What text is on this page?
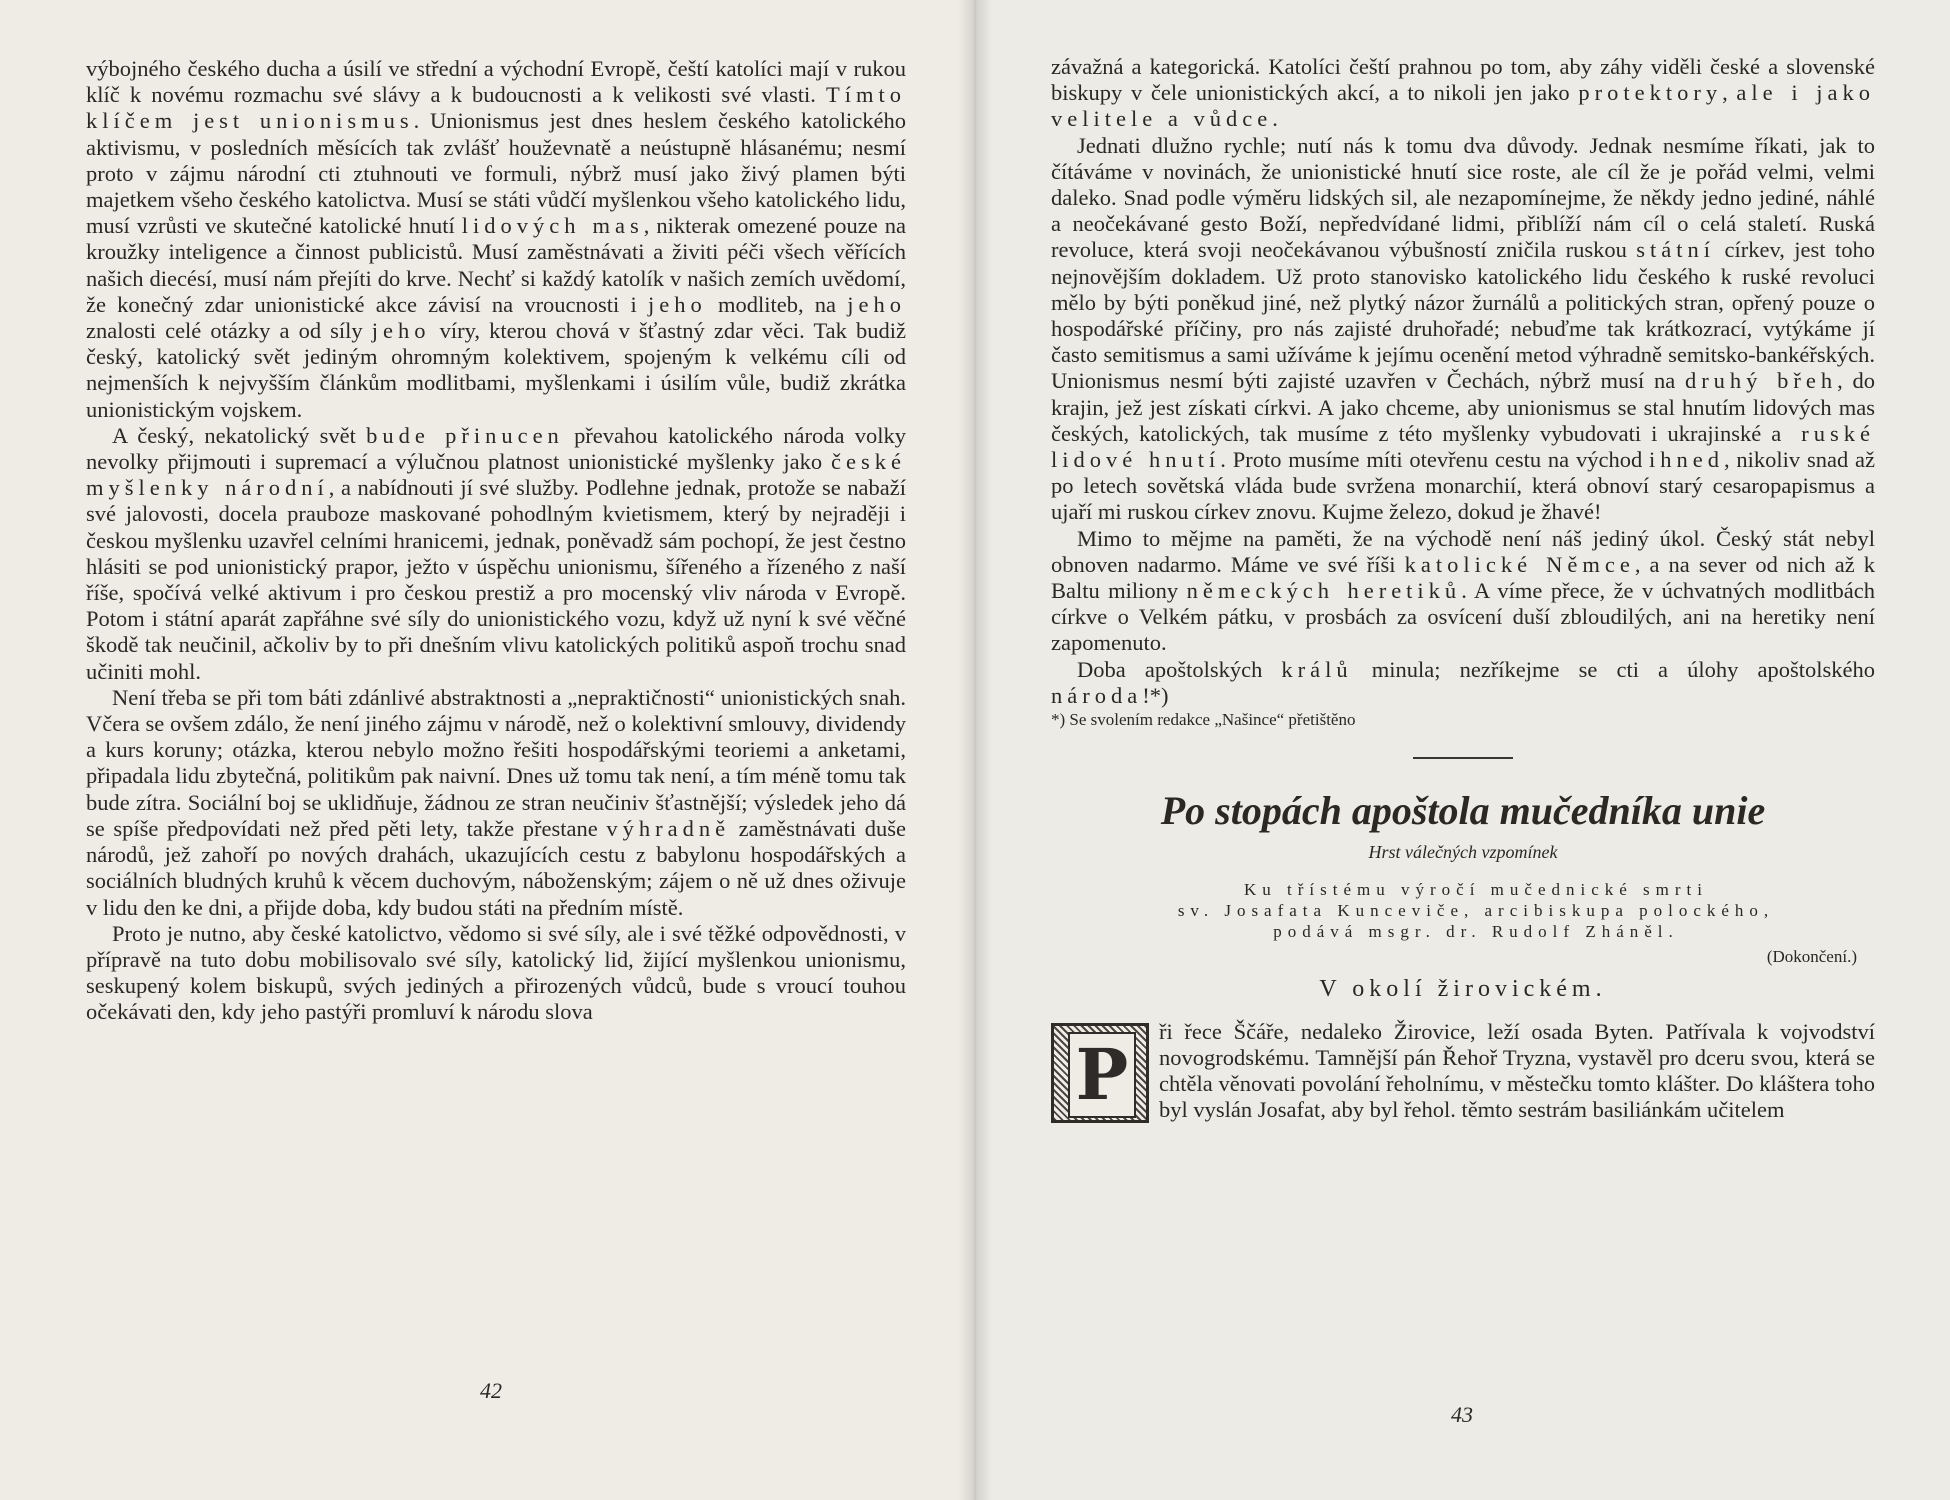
výbojného českého ducha a úsilí ve střední a východní Evropě, čeští katolíci mají v rukou klíč k novému rozmachu své slávy a k budoucnosti a k velikosti své vlasti. Tímto klíčem jest unionismus. Unionismus jest dnes heslem českého katolického aktivismu, v posledních měsících tak zvlášť houževnatě a neústupně hlásanému; nesmí proto v zájmu národní cti ztuhnouti ve formuli, nýbrž musí jako živý plamen býti majetkem všeho českého katolictva. Musí se státi vůdčí myšlenkou všeho katolického lidu, musí vzrůsti ve skutečné katolické hnutí lidových mas, nikterak omezené pouze na kroužky inteligence a činnost publicistů. Musí zaměstnávati a živiti péči všech věřících našich diecésí, musí nám přejíti do krve. Nechť si každý katolík v našich zemích uvědomí, že konečný zdar unionistické akce závisí na vroucnosti i jeho modlitеb, na jeho znalosti celé otázky a od síly jeho víry, kterou chová v šťastný zdar věci. Tak budiž český, katolický svět jediným ohromným kolektivem, spojeným k velkému cíli od nejmenších k nejvyšším článkům modlitbami, myšlenkami i úsilím vůle, budiž zkrátka unionistickým vojskem.

A český, nekatolický svět bude přinucen převahou katolického národa volky nevolky přijmouti i supremací a výlučnou platnost unionistické myšlenky jako české myšlenky národní, a nabídnouti jí své služby. Podlehne jednak, protože se nabaží své jalovosti, docela prauboze maskované pohodlným kvietismem, který by nejraději i českou myšlenku uzavřel celními hranicemi, jednak, poněvadž sám pochopí, že jest čestno hlásiti se pod unionistický prapor, ježto v úspěchu unionismu, šířeného a řízeného z naší říše, spočívá velké aktivum i pro českou prestiž a pro mocenský vliv národa v Evropě. Potom i státní aparát zapřáhne své síly do unionistického vozu, když už nyní k své věčné škodě tak neučinil, ačkoliv by to při dnešním vlivu katolických politiků aspoň trochu snad učiniti mohl.

Není třeba se při tom báti zdánlivé abstraktnosti a „nepraktičnosti“ unionistických snah. Včera se ovšem zdálo, že není jiného zájmu v národě, než o kolektivní smlouvy, dividendy a kurs koruny; otázka, kterou nebylo možno řešiti hospodářskými teoriemi a anketami, připadala lidu zbytečná, politikům pak naivní. Dnes už tomu tak není, a tím méně tomu tak bude zítra. Sociální boj se uklidňuje, žádnou ze stran neučiniv šťastnější; výsledek jeho dá se spíše předpovídati než před pěti lety, takže přestane výhradně zaměstnávati duše národů, jež zahoří po nových drahách, ukazujících cestu z babylonu hospodářských a sociálních bludných kruhů k věcem duchovým, náboženským; zájem o ně už dnes oživuje v lidu den ke dni, a přijde doba, kdy budou státi na předním místě.

Proto je nutno, aby české katolictvo, vědomo si své síly, ale i své těžké odpovědnosti, v přípravě na tuto dobu mobilisovalo své síly, katolický lid, žijící myšlenkou unionismu, seskupený kolem biskupů, svých jediných a přirozených vůdců, bude s vroucí touhou očekávati den, kdy jeho pastýři promluví k národu slova

42

závažná a kategorická. Katolíci čeští prahnou po tom, aby záhy viděli české a slovenské biskupy v čele unionistických akcí, a to nikoli jen jako protektory, ale i jako velitele a vůdce.

Jednati dlužno rychle; nutí nás k tomu dva důvody. Jednak nesmíme říkati, jak to čítáváme v novinách, že unionistické hnutí sice roste, ale cíl že je pořád velmi, velmi daleko. Snad podle výměru lidských sil, ale nezapomínejme, že někdy jedno jediné, náhlé a neočekávané gesto Boží, nepředvídané lidmi, přiblíží nám cíl o celá staletí. Ruská revoluce, která svoji neočekávanou výbušností zničila ruskou státní církev, jest toho nejnovějším dokladem. Už proto stanovisko katolického lidu českého k ruské revoluci mělo by býti poněkud jiné, než plytký názor žurnálů a politických stran, opřený pouze o hospodářské příčiny, pro nás zajisté druhořadé; nebuďme tak krátkozrací, vytýkáme jí často semitismus a sami užíváme k jejímu ocenění metod výhradně semitsko-bankéřských. Unionismus nesmí býti zajisté uzavřen v Čechách, nýbrž musí na druhý břeh, do krajin, jež jest získati církvi. A jako chceme, aby unionismus se stal hnutím lidových mas českých, katolických, tak musíme z této myšlenky vybudovati i ukrajinské a ruské lidové hnutí. Proto musíme míti otevřenu cestu na východ ihned, nikoliv snad až po letech sovětská vláda bude svržena monarchií, která obnoví starý cesaropapismus a ujaří mi ruskou církev znovu. Kujme železo, dokud je žhavé!

Mimo to mějme na paměti, že na východě není náš jediný úkol. Český stát nebyl obnoven nadarmo. Máme ve své říši katolické Němce, a na sever od nich až k Baltu miliony německých heretiků. A víme přece, že v úchvatných modlitbách církve o Velkém pátku, v prosbách za osvícení duší zbloudilých, ani na heretiky není zapomenuto.

Doba apoštolských králů minula; nezříkejme se cti a úlohy apoštolského národa!*)

*) Se svolením redakce „Našince“ přetištěno

Po stopách apoštola mučedníka unie
Hrst válečných vzpomínek

Ku třístému výročí mučednické smrti

sv. Josafata Kunceviče, arcibiskupa polockého,

podává msgr. dr. Rudolf Zháněl.

(Dokončení.)
V okolí žirovickém.

P
ři řece Ščáře, nedaleko Žirovice, leží osada Byten. Patřívala k vojvodství novogrodskému. Tamnější pán Řehoř Tryzna, vystavěl pro dceru svou, která se chtěla věnovati povolání řeholnímu, v městečku tomto klášter. Do kláštera toho byl vyslán Josafat, aby byl řehol. těmto sestrám basiliánkám učitelem

43
